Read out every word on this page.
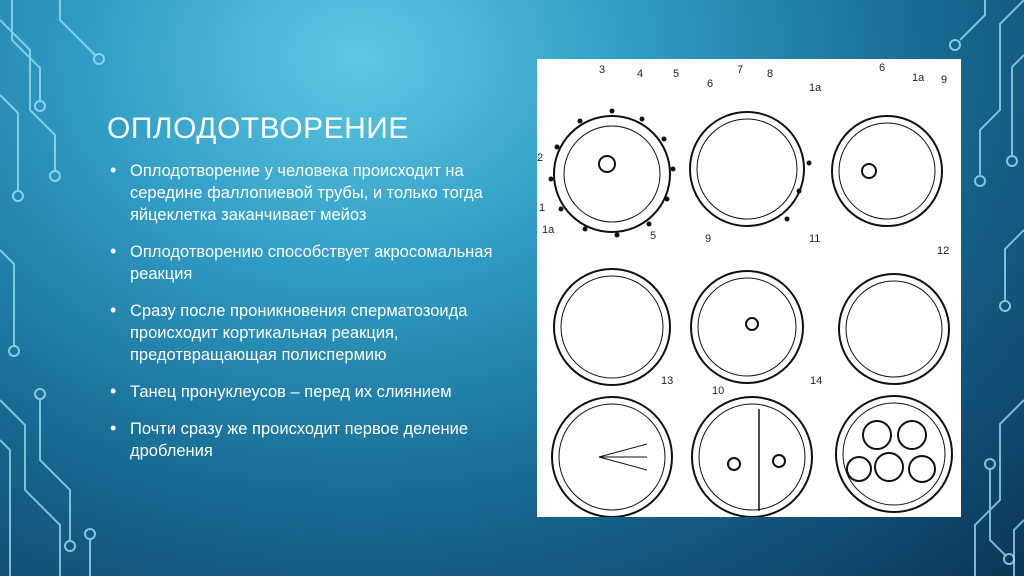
ОПЛОДОТВОРЕНИЕ
• Оплодотворение у человека происходит на середине фаллопиевой трубы, и только тогда яйцеклетка заканчивает мейоз
• Оплодотворению способствует акросомальная реакция
• Сразу после проникновения сперматозоида происходит кортикальная реакция, предотвращающая полиспермию
• Танец пронуклеусов – перед их слиянием
• Почти сразу же происходит первое деление дробления
3	4	5
6
7 8
1a
6
1a 9
2
1
1a	5	9	11
12
10
13	14
